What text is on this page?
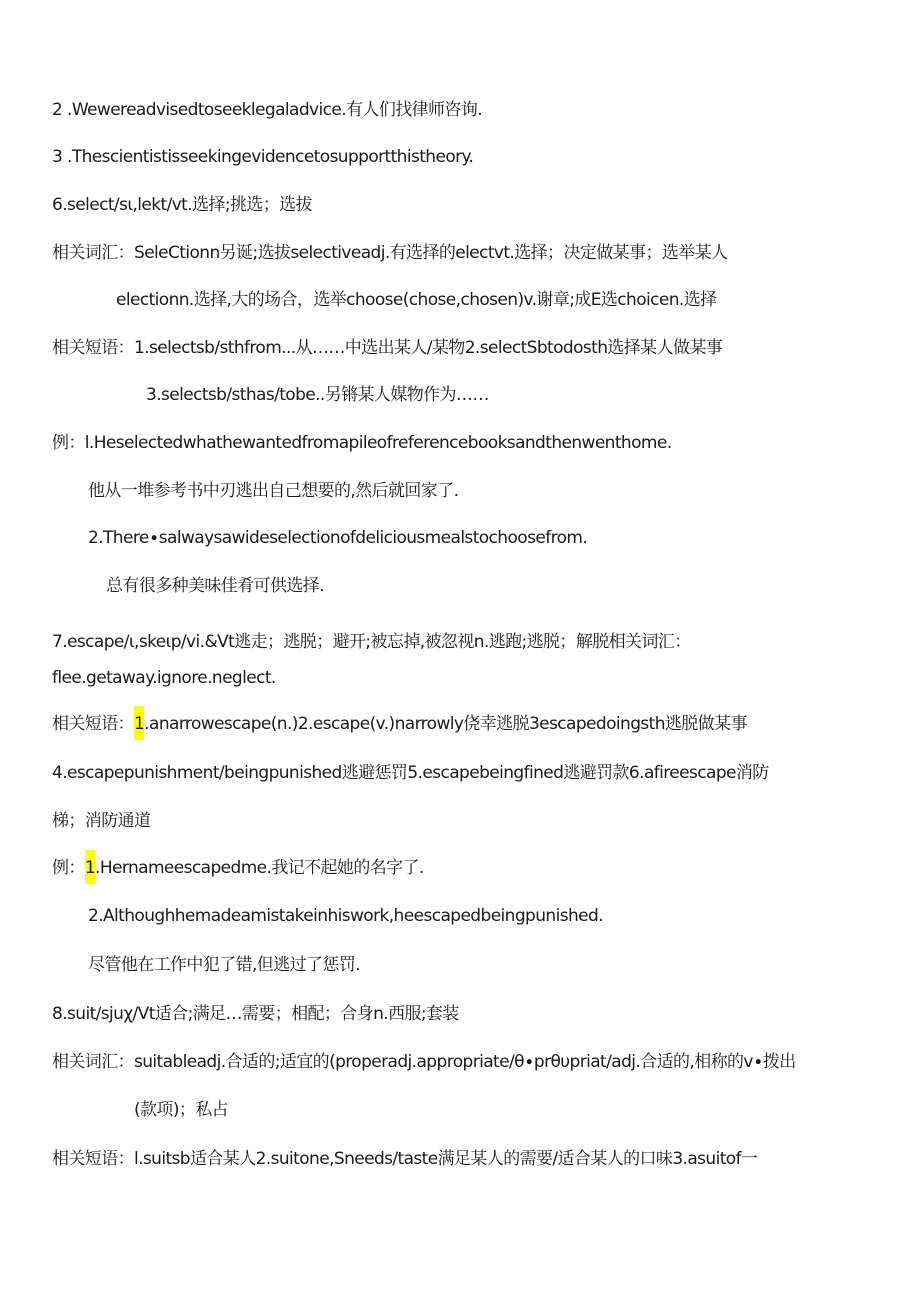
2 .Wewereadvisedtoseeklegaladvice.有人们找律师咨询.
3 .Thescientistisseekingevidencetosupportthistheory.
6.select∕sι,lekt∕vt.选择;挑选；选拔
相关词汇：SeleCtionn另诞;选拔selectiveadj.有选择的electvt.选择；决定做某事；选举某人
electionn.选择,大的场合，选举choose(chose,chosen)v.谢章;成E选choicen.选择
相关短语：1.selectsb/sthfrom...从……中选出某人/某物2.selectSbtodosth选择某人做某事
3.selectsb/sthas/tobe..另锵某人媒物作为……
例：l.Heselectedwhathewantedfromapileofreferencebooksandthenwenthome.
他从一堆参考书中刃逃出自己想要的,然后就回家了.
2.There∙salwaysawideselectionofdeliciousmealstochoosefrom.
总有很多种美味佳肴可供选择.
7.escape∕ι,skeιp∕vi.&Vt逃走；逃脱；避开;被忘掉,被忽视n.逃跑;逃脱；解脱相关词汇：
flee.getaway.ignore.neglect.
相关短语：1.anarrowescape(n.)2.escape(v.)narrowly侥幸逃脱3escapedoingsth逃脱做某事
4.escapepunishment/beingpunished逃避惩罚5.escapebeingfined逃避罚款6.afireescape消防
梯；消防通道
例：1.Hernameescapedme.我记不起她的名字了.
2.Althoughhemadeamistakeinhiswork,heescapedbeingpunished.
尽管他在工作中犯了错,但逃过了惩罚.
8.suit∕sjuχ∕Vt适合;满足…需要；相配；合身n.西服;套装
相关词汇：suitableadj.合适的;适宜的(properadj.appropriate∕θ∙prθυpriat∕adj.合适的,相称的v∙拨出
(款项)；私占
相关短语：l.suitsb适合某人2.suitone,Sneeds/taste满足某人的需要/适合某人的口味3.asuitof一
